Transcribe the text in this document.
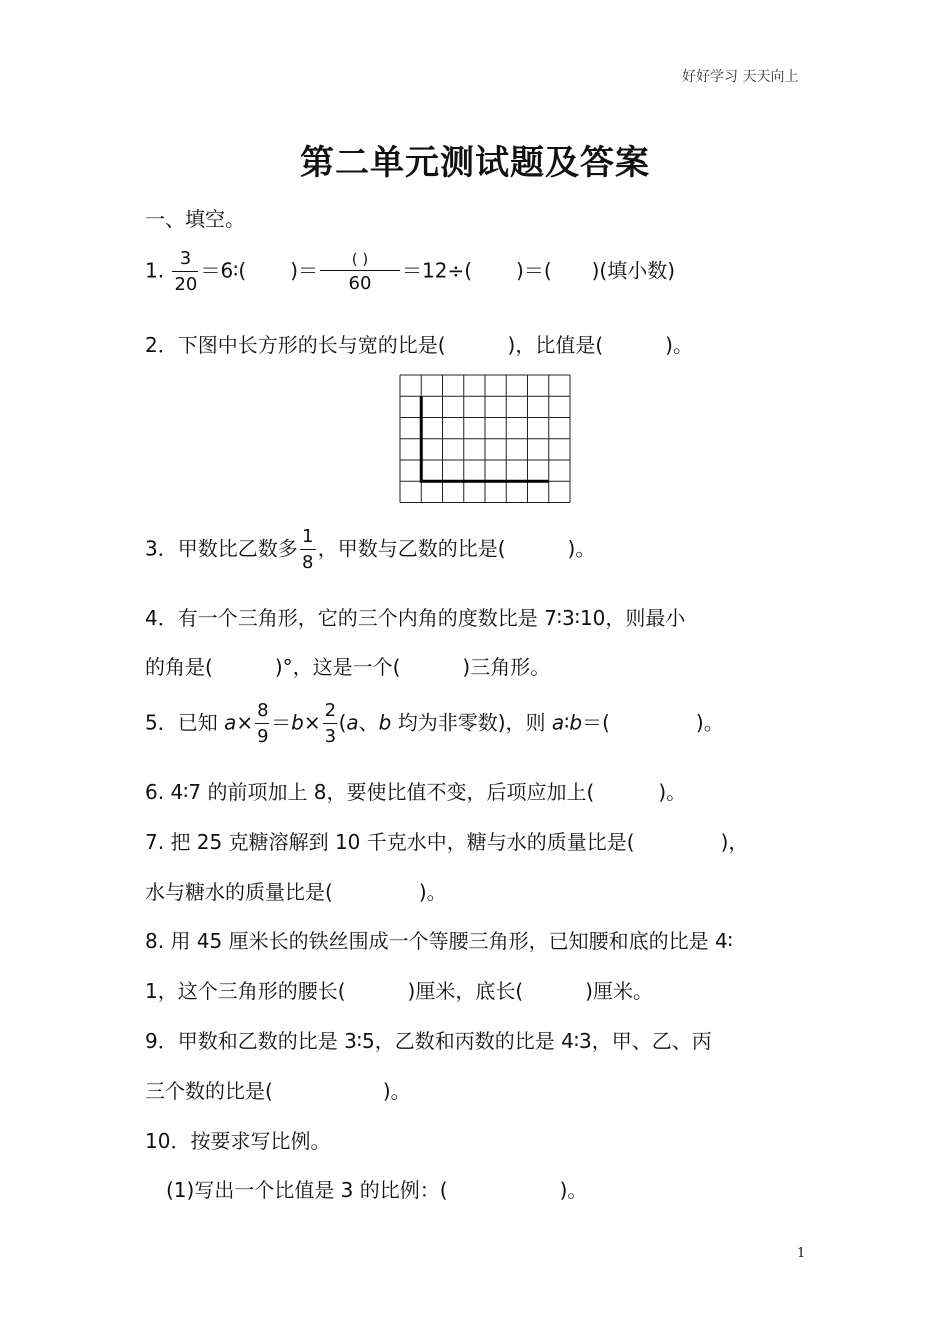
好好学习 天天向上
第二单元测试题及答案
一、填空。
1. $\frac{3}{20}$ ＝6∶( )＝ $\frac{( )}{60} =12\div$( )＝( )(填小数)
2．下图中长方形的长与宽的比是(	)，比值是(	)。
3．甲数比乙数多 $\frac{1}{8}$ ，甲数与乙数的比是(	)。
4．有一个三角形，它的三个内角的度数比是 7∶3∶10，则最小
的角是(	)°，这是一个(	)三角形。
5．已知 $a\times \frac{8}{9} =b\times \frac{2}{3} (a$、b 均为非零数)，则 a∶b＝(	)。
6. 4∶7 的前项加上 8，要使比值不变，后项应加上(	)。
7. 把 25 克糖溶解到 10 千克水中，糖与水的质量比是(	)，
水与糖水的质量比是(	)。
8. 用 45 厘米长的铁丝围成一个等腰三角形，已知腰和底的比是 4∶
1，这个三角形的腰长(	)厘米，底长(	)厘米。
9．甲数和乙数的比是 3∶5，乙数和丙数的比是 4∶3，甲、乙、丙
三个数的比是(	)。
10．按要求写比例。
(1)写出一个比值是 3 的比例：(	)。
1
